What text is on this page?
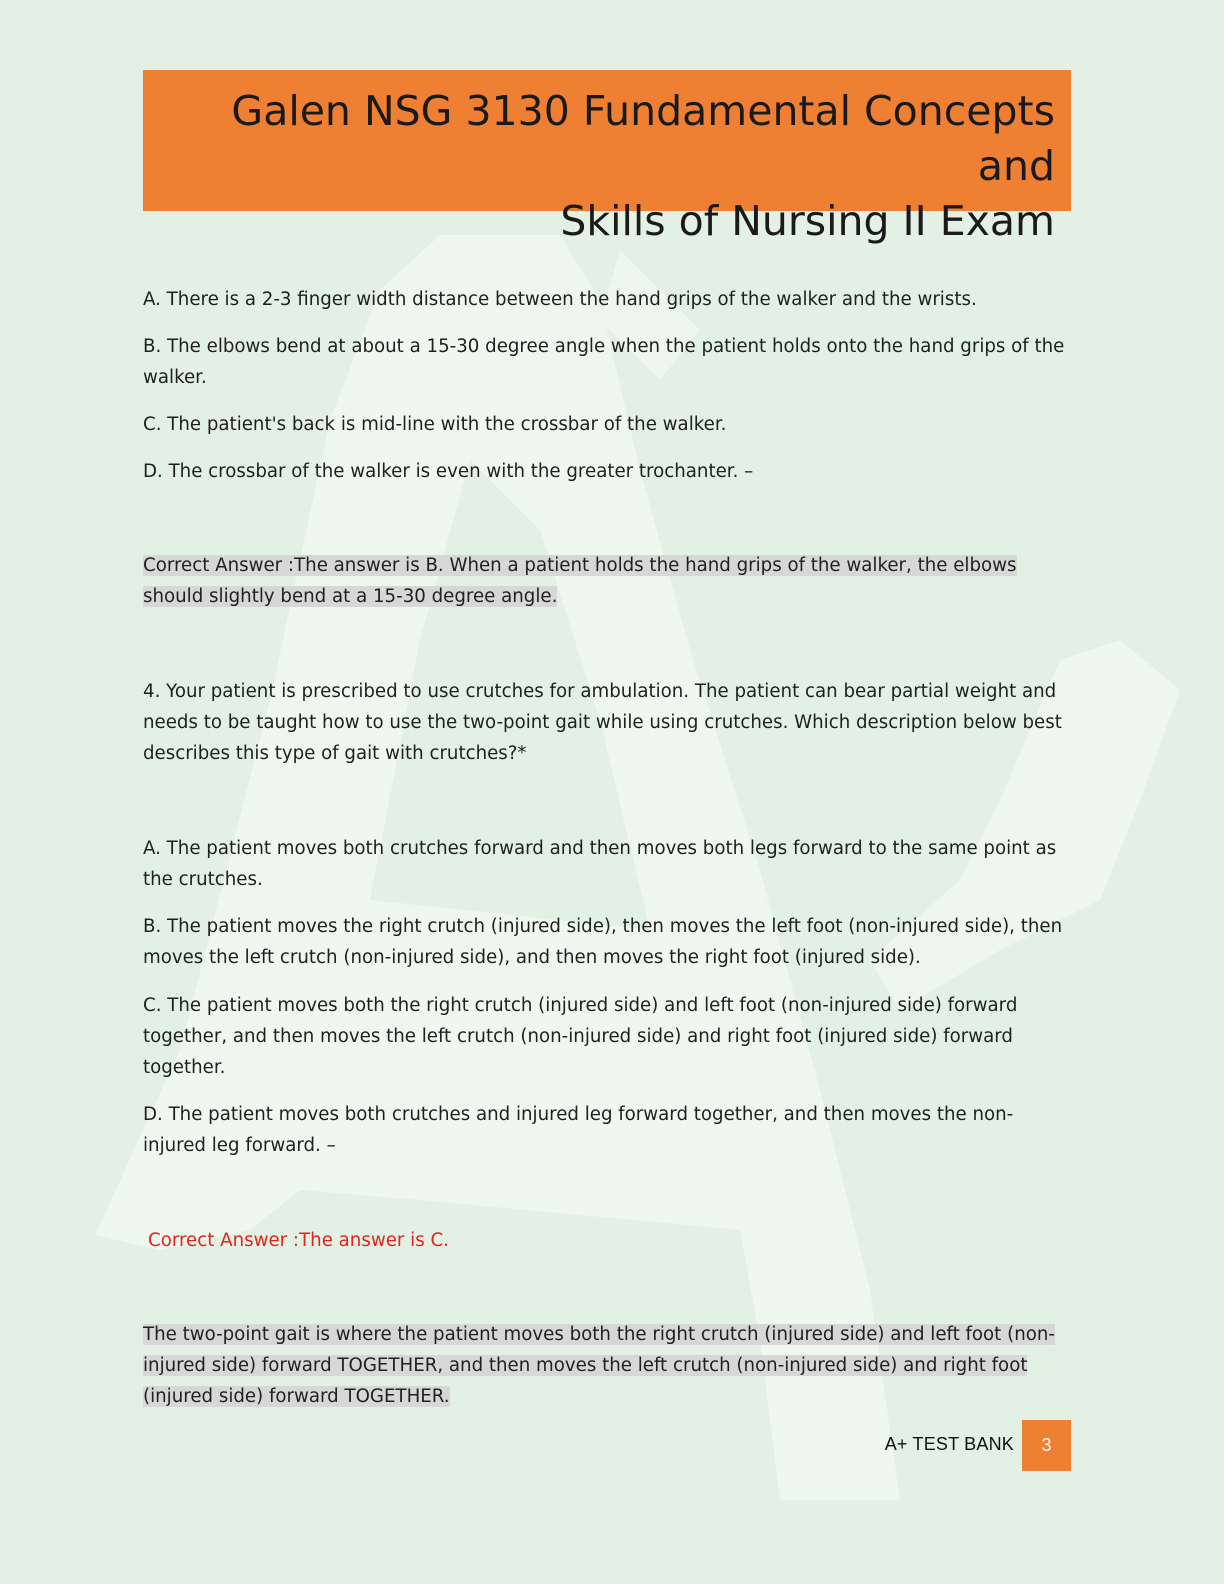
Galen NSG 3130 Fundamental Concepts and
Skills of Nursing II Exam

A. There is a 2-3 finger width distance between the hand grips of the walker and the wrists.

B. The elbows bend at about a 15-30 degree angle when the patient holds onto the hand grips of the walker.

C. The patient's back is mid-line with the crossbar of the walker.

D. The crossbar of the walker is even with the greater trochanter. –

Correct Answer :The answer is B. When a patient holds the hand grips of the walker, the elbows should slightly bend at a 15-30 degree angle.

4. Your patient is prescribed to use crutches for ambulation. The patient can bear partial weight and needs to be taught how to use the two-point gait while using crutches. Which description below best describes this type of gait with crutches?*

A. The patient moves both crutches forward and then moves both legs forward to the same point as the crutches.

B. The patient moves the right crutch (injured side), then moves the left foot (non-injured side), then moves the left crutch (non-injured side), and then moves the right foot (injured side).

C. The patient moves both the right crutch (injured side) and left foot (non-injured side) forward together, and then moves the left crutch (non-injured side) and right foot (injured side) forward together.

D. The patient moves both crutches and injured leg forward together, and then moves the non-injured leg forward. –

Correct Answer :The answer is C.

The two-point gait is where the patient moves both the right crutch (injured side) and left foot (non-injured side) forward TOGETHER, and then moves the left crutch (non-injured side) and right foot (injured side) forward TOGETHER.

A+ TEST BANK	3
